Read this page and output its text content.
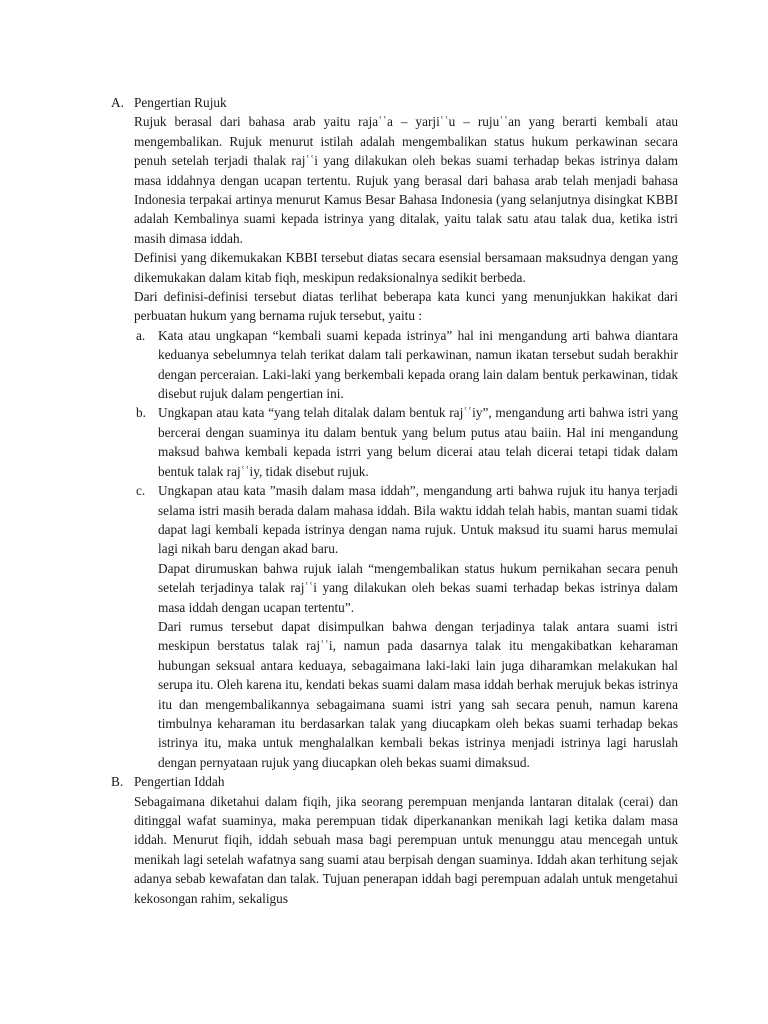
A. Pengertian Rujuk

Rujuk berasal dari bahasa arab yaitu rajaʿʿa – yarjiʿʿu – rujuʿʿan yang berarti kembali atau mengembalikan. Rujuk menurut istilah adalah mengembalikan status hukum perkawinan secara penuh setelah terjadi thalak rajʿʿi yang dilakukan oleh bekas suami terhadap bekas istrinya dalam masa iddahnya dengan ucapan tertentu. Rujuk yang berasal dari bahasa arab telah menjadi bahasa Indonesia terpakai artinya menurut Kamus Besar Bahasa Indonesia (yang selanjutnya disingkat KBBI adalah Kembalinya suami kepada istrinya yang ditalak, yaitu talak satu atau talak dua, ketika istri masih dimasa iddah.

Definisi yang dikemukakan KBBI tersebut diatas secara esensial bersamaan maksudnya dengan yang dikemukakan dalam kitab fiqh, meskipun redaksionalnya sedikit berbeda.

Dari definisi-definisi tersebut diatas terlihat beberapa kata kunci yang menunjukkan hakikat dari perbuatan hukum yang bernama rujuk tersebut, yaitu :

a. Kata atau ungkapan “kembali suami kepada istrinya” hal ini mengandung arti bahwa diantara keduanya sebelumnya telah terikat dalam tali perkawinan, namun ikatan tersebut sudah berakhir dengan perceraian. Laki-laki yang berkembali kepada orang lain dalam bentuk perkawinan, tidak disebut rujuk dalam pengertian ini.

b. Ungkapan atau kata “yang telah ditalak dalam bentuk rajʿʿiy”, mengandung arti bahwa istri yang bercerai dengan suaminya itu dalam bentuk yang belum putus atau baiin. Hal ini mengandung maksud bahwa kembali kepada istrri yang belum dicerai atau telah dicerai tetapi tidak dalam bentuk talak rajʿʿiy, tidak disebut rujuk.

c. Ungkapan atau kata ”masih dalam masa iddah”, mengandung arti bahwa rujuk itu hanya terjadi selama istri masih berada dalam mahasa iddah. Bila waktu iddah telah habis, mantan suami tidak dapat lagi kembali kepada istrinya dengan nama rujuk. Untuk maksud itu suami harus memulai lagi nikah baru dengan akad baru.

Dapat dirumuskan bahwa rujuk ialah “mengembalikan status hukum pernikahan secara penuh setelah terjadinya talak rajʿʿi yang dilakukan oleh bekas suami terhadap bekas istrinya dalam masa iddah dengan ucapan tertentu”.

Dari rumus tersebut dapat disimpulkan bahwa dengan terjadinya talak antara suami istri meskipun berstatus talak rajʿʿi, namun pada dasarnya talak itu mengakibatkan keharaman hubungan seksual antara keduaya, sebagaimana laki-laki lain juga diharamkan melakukan hal serupa itu. Oleh karena itu, kendati bekas suami dalam masa iddah berhak merujuk bekas istrinya itu dan mengembalikannya sebagaimana suami istri yang sah secara penuh, namun karena timbulnya keharaman itu berdasarkan talak yang diucapkam oleh bekas suami terhadap bekas istrinya itu, maka untuk menghalalkan kembali bekas istrinya menjadi istrinya lagi haruslah dengan pernyataan rujuk yang diucapkan oleh bekas suami dimaksud.

B. Pengertian Iddah

Sebagaimana diketahui dalam fiqih, jika seorang perempuan menjanda lantaran ditalak (cerai) dan ditinggal wafat suaminya, maka perempuan tidak diperkanankan menikah lagi ketika dalam masa iddah. Menurut fiqih, iddah sebuah masa bagi perempuan untuk menunggu atau mencegah untuk menikah lagi setelah wafatnya sang suami atau berpisah dengan suaminya. Iddah akan terhitung sejak adanya sebab kewafatan dan talak. Tujuan penerapan iddah bagi perempuan adalah untuk mengetahui kekosongan rahim, sekaligus
